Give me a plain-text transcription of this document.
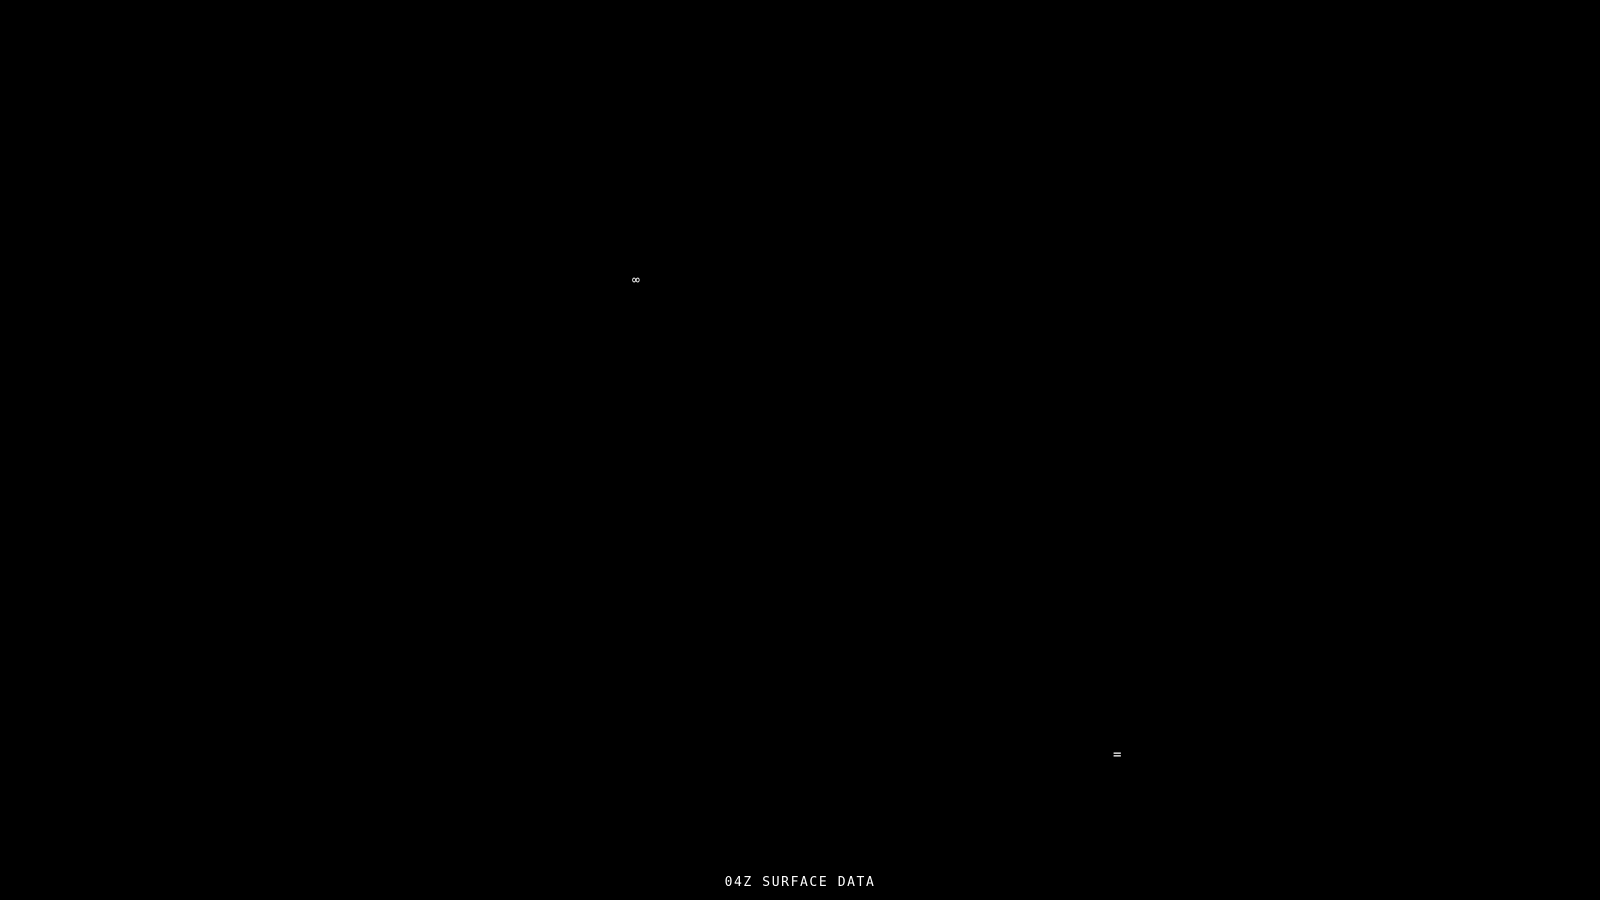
∞
=
04Z SURFACE DATA
